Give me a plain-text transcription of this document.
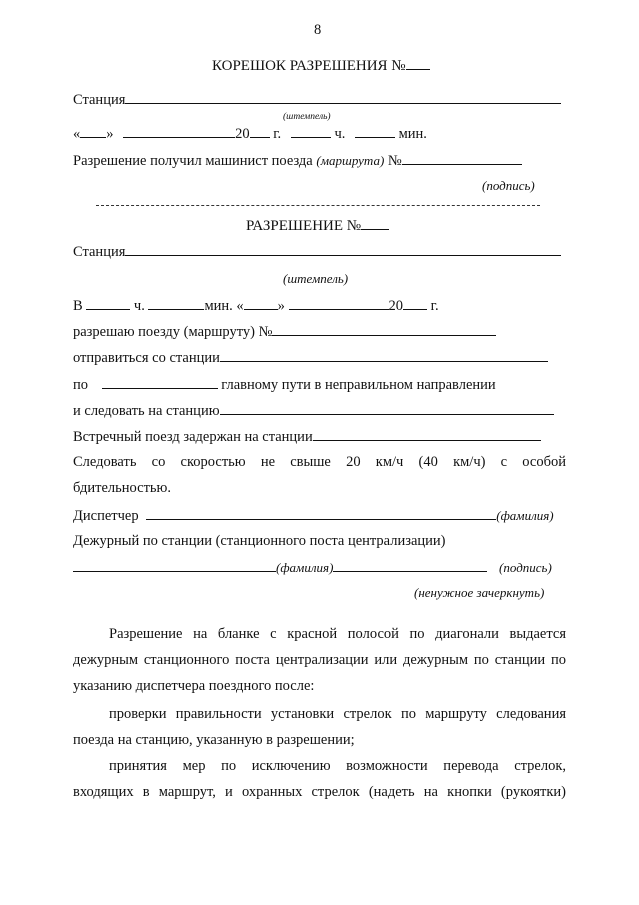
8
КОРЕШОК РАЗРЕШЕНИЯ №
Станция
(штемпель)
« »	20 г.	ч.	мин.
Разрешение получил машинист поезда (маршрута) №
(подпись)
РАЗРЕШЕНИЕ №
Станция
(штемпель)
В	ч.	мин. « »	20 г.
разрешаю поезду (маршруту) №
отправиться со станции
по	главному пути в неправильном направлении
и следовать на станцию
Встречный поезд задержан на станции
Следовать со скоростью не свыше 20 км/ч (40 км/ч) с особой
бдительностью.
Диспетчер	(фамилия)
Дежурный по станции (станционного поста централизации)
(фамилия)	(подпись)
(ненужное зачеркнуть)
Разрешение на бланке с красной полосой по диагонали выдается
дежурным станционного поста централизации или дежурным по станции по
указанию диспетчера поездного после:
проверки правильности установки стрелок по маршруту следования
поезда на станцию, указанную в разрешении;
принятия мер по исключению возможности перевода стрелок,
входящих в маршрут, и охранных стрелок (надеть на кнопки (рукоятки)
